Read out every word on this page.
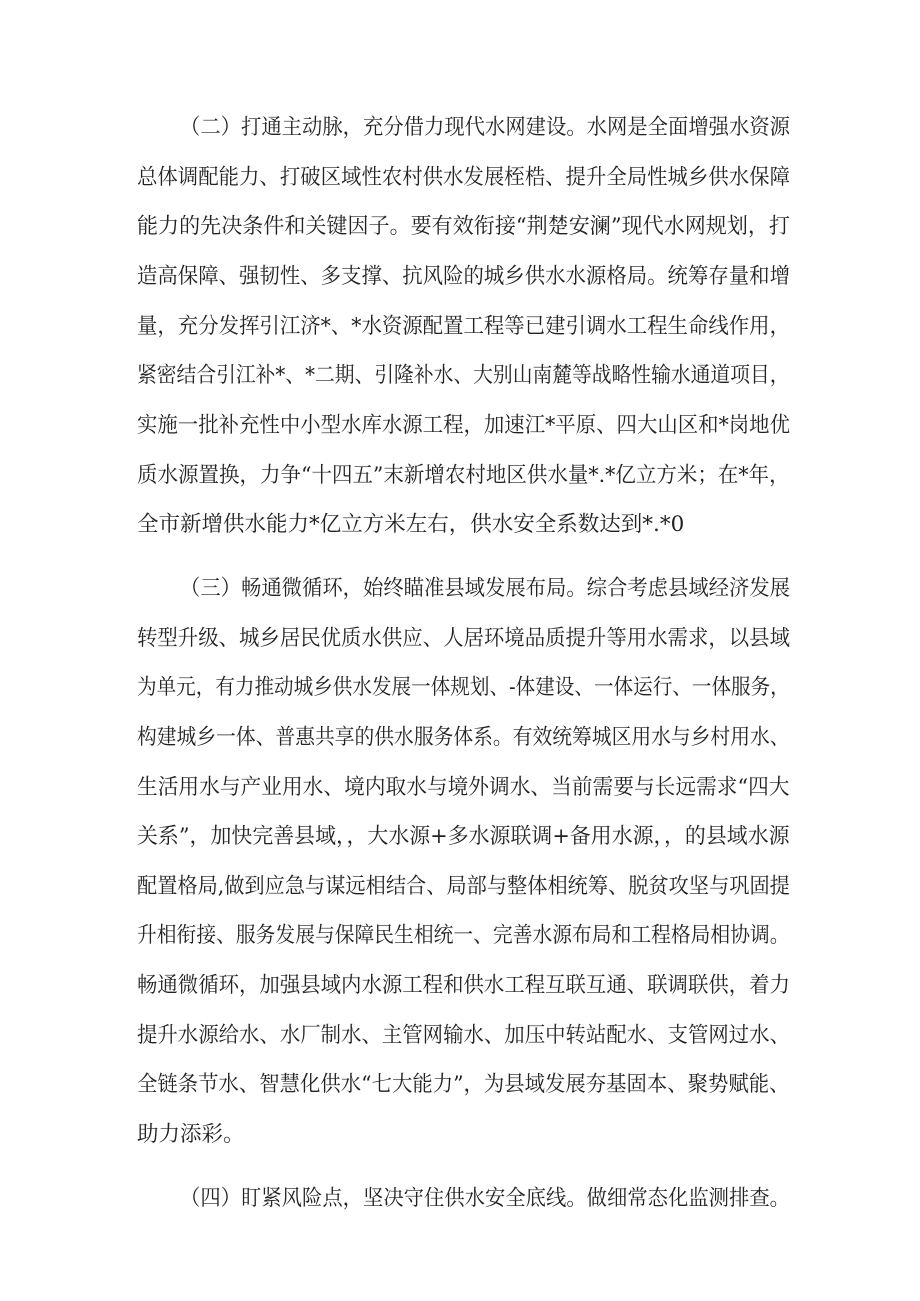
（二）打通主动脉，充分借力现代水网建设。水网是全面增强水资源
总体调配能力、打破区域性农村供水发展桎梏、提升全局性城乡供水保障
能力的先决条件和关键因子。要有效衔接“荆楚安澜”现代水网规划，打
造高保障、强韧性、多支撑、抗风险的城乡供水水源格局。统筹存量和增
量，充分发挥引江济*、*水资源配置工程等已建引调水工程生命线作用，
紧密结合引江补*、*二期、引隆补水、大别山南麓等战略性输水通道项目，
实施一批补充性中小型水库水源工程，加速江*平原、四大山区和*岗地优
质水源置换，力争“十四五”末新增农村地区供水量*.*亿立方米；在*年，
全市新增供水能力*亿立方米左右，供水安全系数达到*.*0
（三）畅通微循环，始终瞄准县域发展布局。综合考虑县域经济发展
转型升级、城乡居民优质水供应、人居环境品质提升等用水需求，以县域
为单元，有力推动城乡供水发展一体规划、-体建设、一体运行、一体服务，
构建城乡一体、普惠共享的供水服务体系。有效统筹城区用水与乡村用水、
生活用水与产业用水、境内取水与境外调水、当前需要与长远需求“四大
关系”，加快完善县域，，大水源+多水源联调+备用水源，，的县域水源
配置格局,做到应急与谋远相结合、局部与整体相统筹、脱贫攻坚与巩固提
升相衔接、服务发展与保障民生相统一、完善水源布局和工程格局相协调。
畅通微循环，加强县域内水源工程和供水工程互联互通、联调联供，着力
提升水源给水、水厂制水、主管网输水、加压中转站配水、支管网过水、
全链条节水、智慧化供水“七大能力”，为县域发展夯基固本、聚势赋能、
助力添彩。
（四）盯紧风险点，坚决守住供水安全底线。做细常态化监测排查。
